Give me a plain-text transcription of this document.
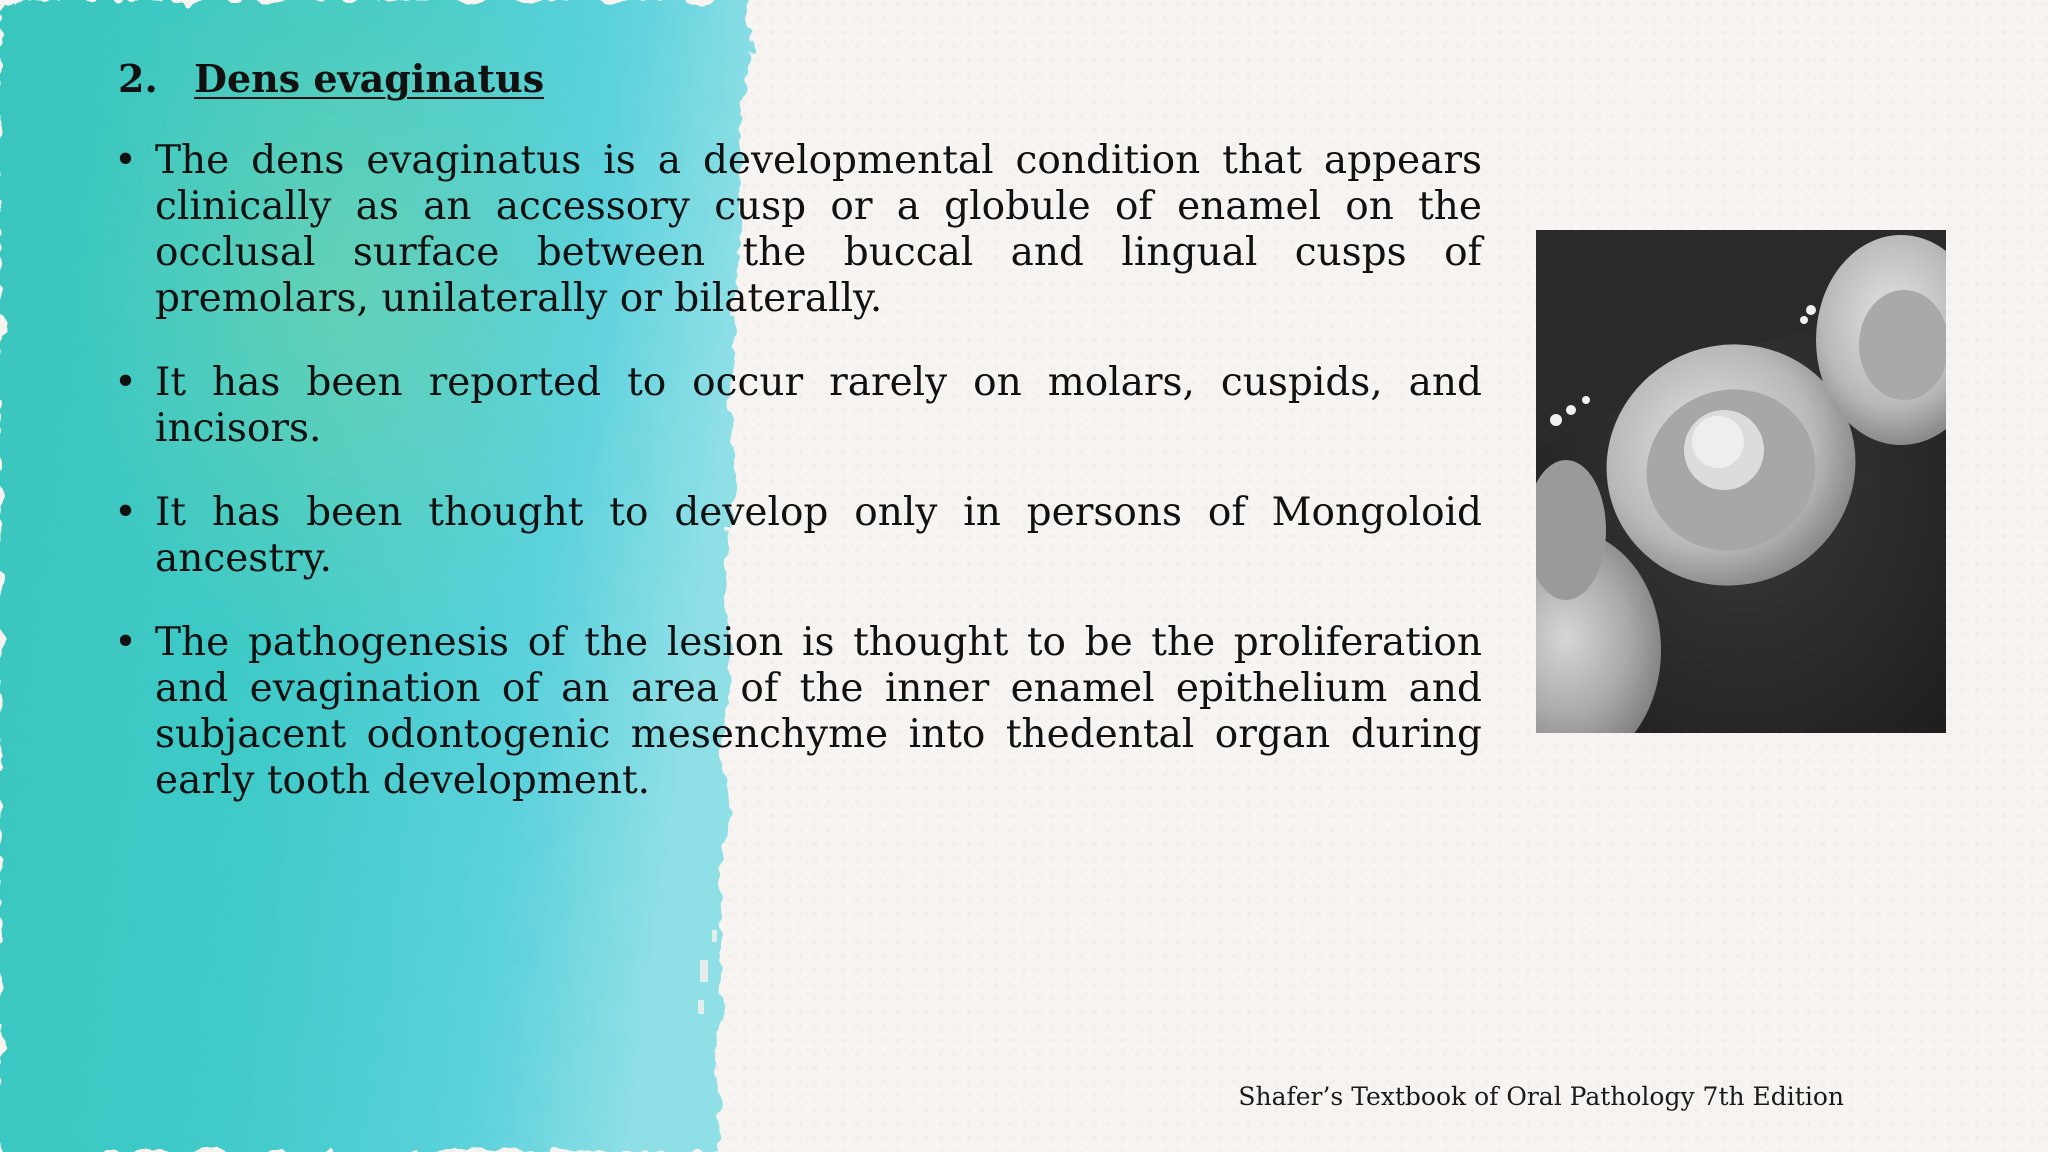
2. Dens evaginatus
• The dens evaginatus is a developmental condition that appears clinically as an accessory cusp or a globule of enamel on the occlusal surface between the buccal and lingual cusps of premolars, unilaterally or bilaterally.
• It has been reported to occur rarely on molars, cuspids, and incisors.
• It has been thought to develop only in persons of Mongoloid ancestry.
• The pathogenesis of the lesion is thought to be the proliferation and evagination of an area of the inner enamel epithelium and subjacent odontogenic mesenchyme into thedental organ during early tooth development.

Shafer’s Textbook of Oral Pathology 7th Edition
